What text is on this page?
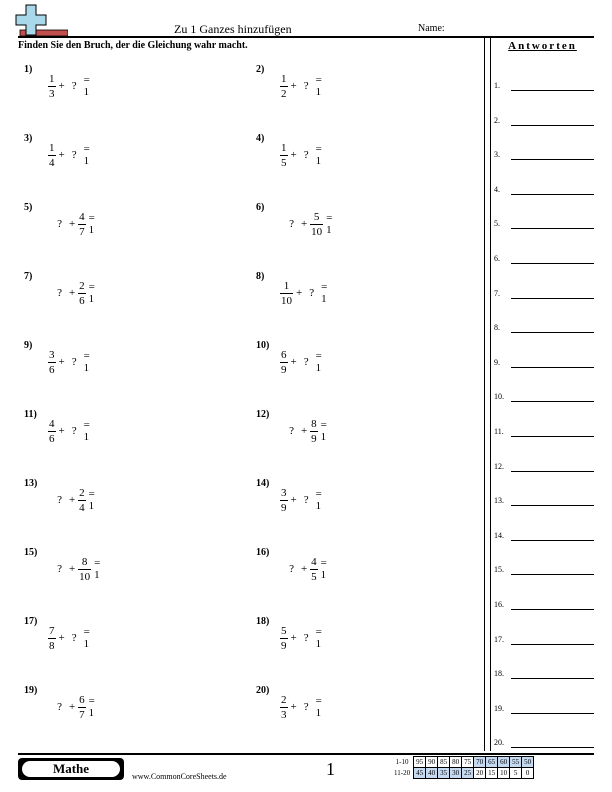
Zu 1 Ganzes hinzufügen	Name:
Finden Sie den Bruch, der die Gleichung wahr macht.	Antworten
1.
2.
3.
4.
5.
6.
7.
8.
9.
10.
11.
12.
13.
14.
15.
16.
17.
18.
19.
20.
1)
$\frac{1}{3}$ + ? = 1
2)
$\frac{1}{2}$ + ? = 1
3)
$\frac{1}{4}$ + ? = 1
4)
$\frac{1}{5}$ + ? = 1
5)
? + $\frac{4}{7} = 1$
6)
? + $\frac{5}{10} = 1$
7)
? + $\frac{2}{6} = 1$
8)
$\frac{1}{10}$ + ? = 1
9)
$\frac{3}{6}$ + ? = 1
10)
$\frac{6}{9}$ + ? = 1
11)
$\frac{4}{6}$ + ? = 1
12)
? + $\frac{8}{9} = 1$
13)
? + $\frac{2}{4} = 1$
14)
$\frac{3}{9}$ + ? = 1
15)
? + $\frac{8}{10} = 1$
16)
? + $\frac{4}{5} = 1$
17)
$\frac{7}{8}$ + ? = 1
18)
$\frac{5}{9}$ + ? = 1
19)
? + $\frac{6}{7} = 1$
20)
$\frac{2}{3}$ + ? = 1
Mathe
www.CommonCoreSheets.de	1	1-10	95	90	85	80	75	70	65	60	55	50
11-20	45	40	35	30	25	20	15	10	5	0
